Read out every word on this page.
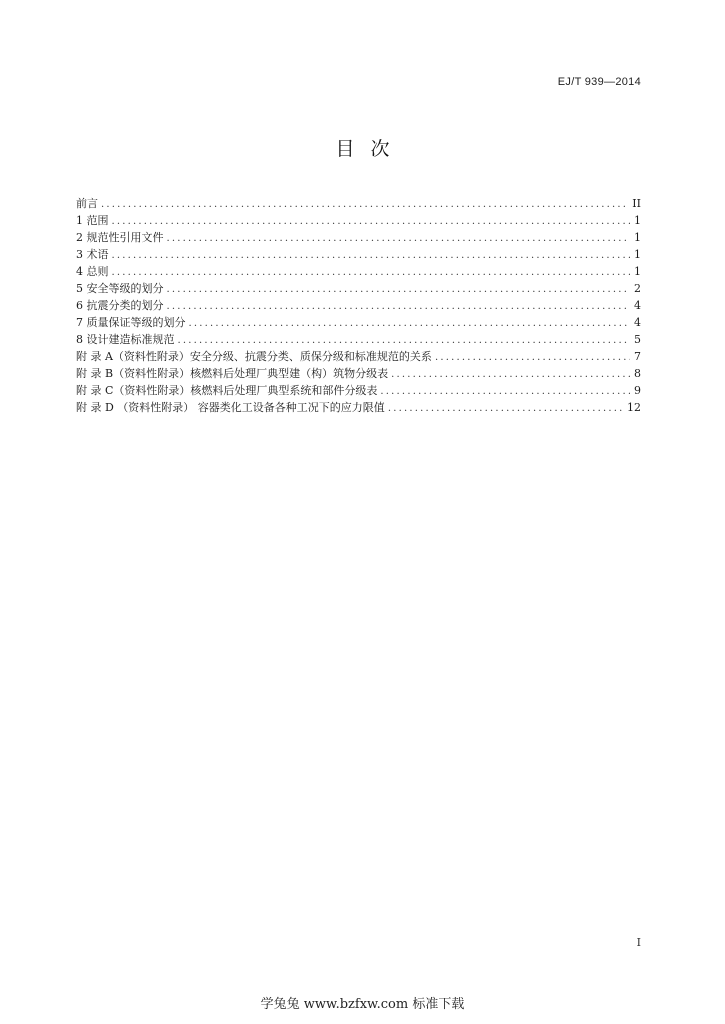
EJ/T 939—2014
目次
前言 .....	II
1 范围 .....	1
2 规范性引用文件 .....	1
3 术语 .....	1
4 总则 .....	1
5 安全等级的划分 .....	2
6 抗震分类的划分 .....	4
7 质量保证等级的划分 .....	4
8 设计建造标准规范 .....	5
附 录 A（资料性附录）安全分级、抗震分类、质保分级和标准规范的关系 .....	7
附 录 B（资料性附录）核燃料后处理厂典型建（构）筑物分级表 .....	8
附 录 C（资料性附录）核燃料后处理厂典型系统和部件分级表 .....	9
附 录 D （资料性附录） 容器类化工设备各种工况下的应力限值 .....	12
I
学兔兔 www.bzfxw.com 标准下载
